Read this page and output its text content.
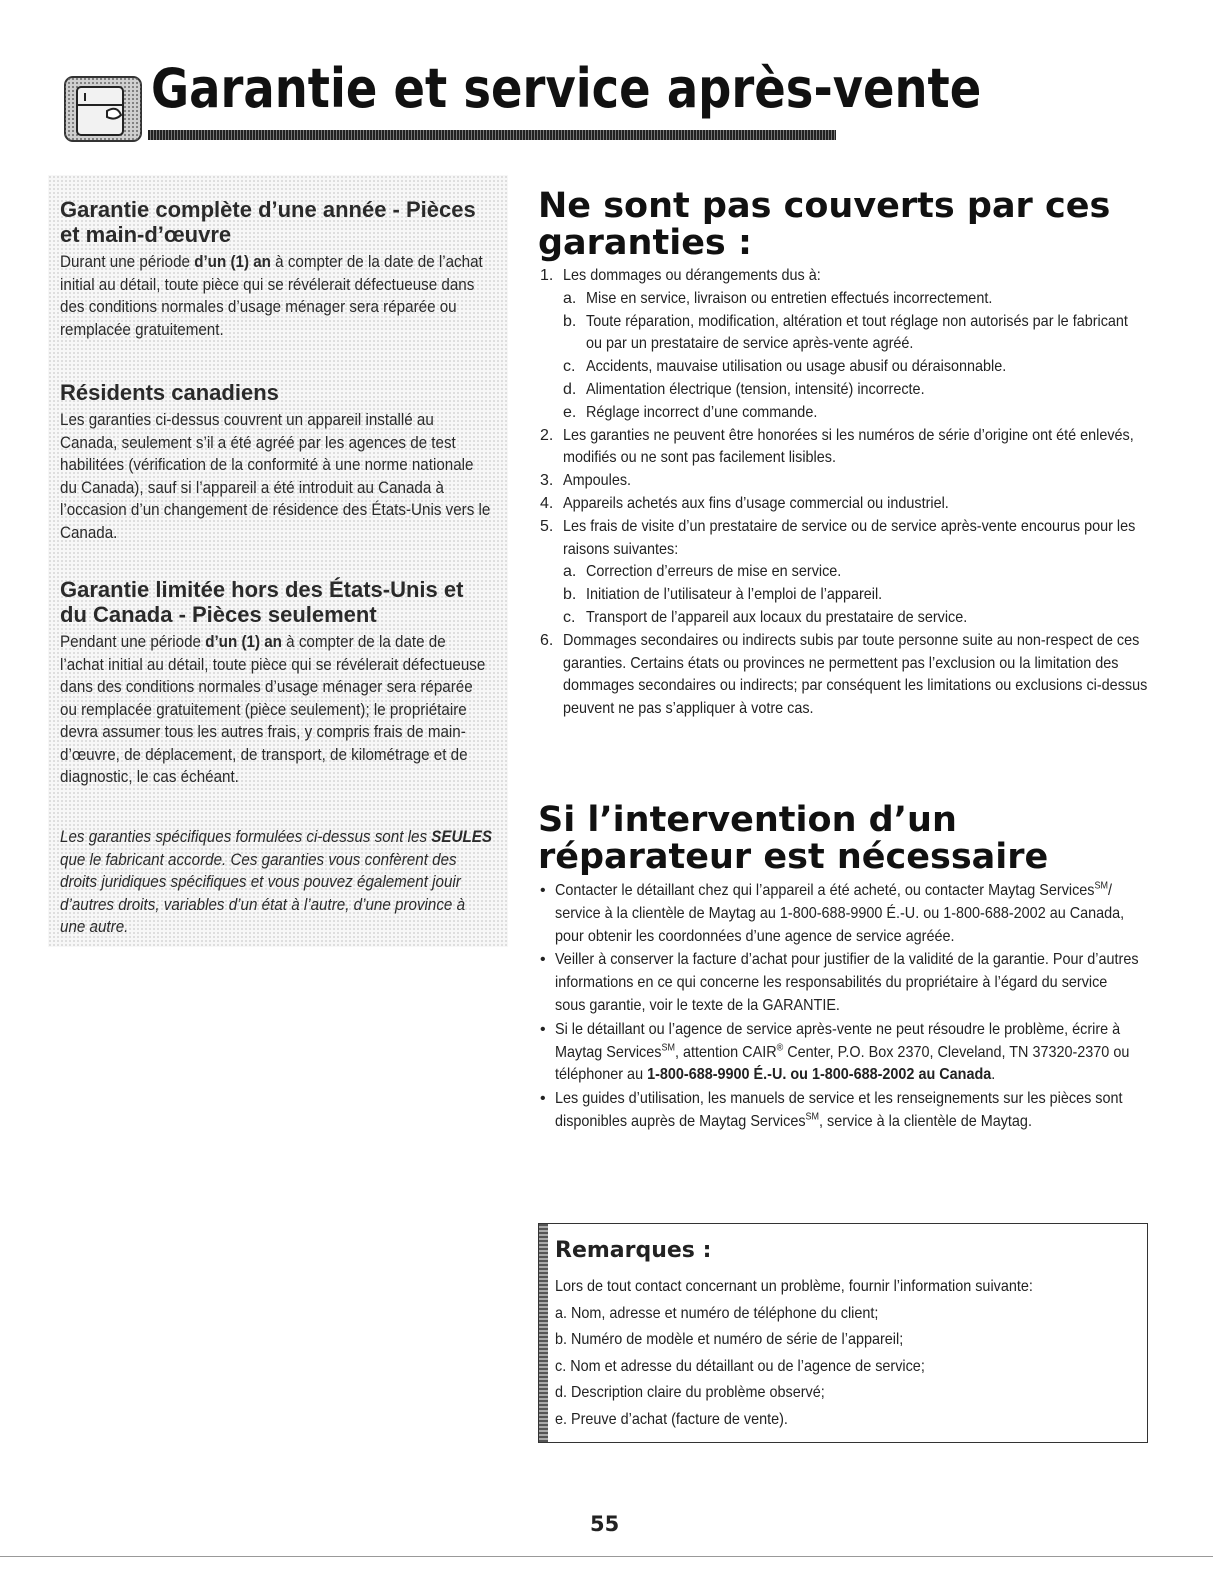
Garantie et service après-vente
Garantie complète d’une année - Pièces et main-d’œuvre

Durant une période d’un (1) an à compter de la date de l’achat initial au détail, toute pièce qui se révélerait défectueuse dans des conditions normales d’usage ménager sera réparée ou remplacée gratuitement.

Résidents canadiens

Les garanties ci-dessus couvrent un appareil installé au Canada, seulement s’il a été agréé par les agences de test habilitées (vérification de la conformité à une norme nationale du Canada), sauf si l’appareil a été introduit au Canada à l’occasion d’un changement de résidence des États-Unis vers le Canada.

Garantie limitée hors des États-Unis et du Canada - Pièces seulement

Pendant une période d’un (1) an à compter de la date de l’achat initial au détail, toute pièce qui se révélerait défectueuse dans des conditions normales d’usage ménager sera réparée ou remplacée gratuitement (pièce seulement); le propriétaire devra assumer tous les autres frais, y compris frais de main-d’œuvre, de déplacement, de transport, de kilométrage et de diagnostic, le cas échéant.

Les garanties spécifiques formulées ci-dessus sont les SEULES que le fabricant accorde. Ces garanties vous confèrent des droits juridiques spécifiques et vous pouvez également jouir d’autres droits, variables d’un état à l’autre, d’une province à une autre.

Ne sont pas couverts par ces garanties :
1. Les dommages ou dérangements dus à:
a. Mise en service, livraison ou entretien effectués incorrectement.
b. Toute réparation, modification, altération et tout réglage non autorisés par le fabricant ou par un prestataire de service après-vente agréé.
c. Accidents, mauvaise utilisation ou usage abusif ou déraisonnable.
d. Alimentation électrique (tension, intensité) incorrecte.
e. Réglage incorrect d’une commande.
2. Les garanties ne peuvent être honorées si les numéros de série d’origine ont été enlevés, modifiés ou ne sont pas facilement lisibles.
3. Ampoules.
4. Appareils achetés aux fins d’usage commercial ou industriel.
5. Les frais de visite d’un prestataire de service ou de service après-vente encourus pour les raisons suivantes:
a. Correction d’erreurs de mise en service.
b. Initiation de l’utilisateur à l’emploi de l’appareil.
c. Transport de l’appareil aux locaux du prestataire de service.
6. Dommages secondaires ou indirects subis par toute personne suite au non-respect de ces garanties. Certains états ou provinces ne permettent pas l’exclusion ou la limitation des dommages secondaires ou indirects; par conséquent les limitations ou exclusions ci-dessus peuvent ne pas s’appliquer à votre cas.
Si l’intervention d’un réparateur est nécessaire
• Contacter le détaillant chez qui l’appareil a été acheté, ou contacter Maytag Services℠/ service à la clientèle de Maytag au 1-800-688-9900 É.-U. ou 1-800-688-2002 au Canada, pour obtenir les coordonnées d’une agence de service agréée.
• Veiller à conserver la facture d’achat pour justifier de la validité de la garantie. Pour d’autres informations en ce qui concerne les responsabilités du propriétaire à l’égard du service sous garantie, voir le texte de la GARANTIE.
• Si le détaillant ou l’agence de service après-vente ne peut résoudre le problème, écrire à Maytag Services℠, attention CAIR® Center, P.O. Box 2370, Cleveland, TN 37320-2370 ou téléphoner au 1-800-688-9900 É.-U. ou 1-800-688-2002 au Canada.
• Les guides d’utilisation, les manuels de service et les renseignements sur les pièces sont disponibles auprès de Maytag Services℠, service à la clientèle de Maytag.
Remarques :
Lors de tout contact concernant un problème, fournir l’information suivante:
a. Nom, adresse et numéro de téléphone du client;
b. Numéro de modèle et numéro de série de l’appareil;
c. Nom et adresse du détaillant ou de l’agence de service;
d. Description claire du problème observé;
e. Preuve d’achat (facture de vente).
55
